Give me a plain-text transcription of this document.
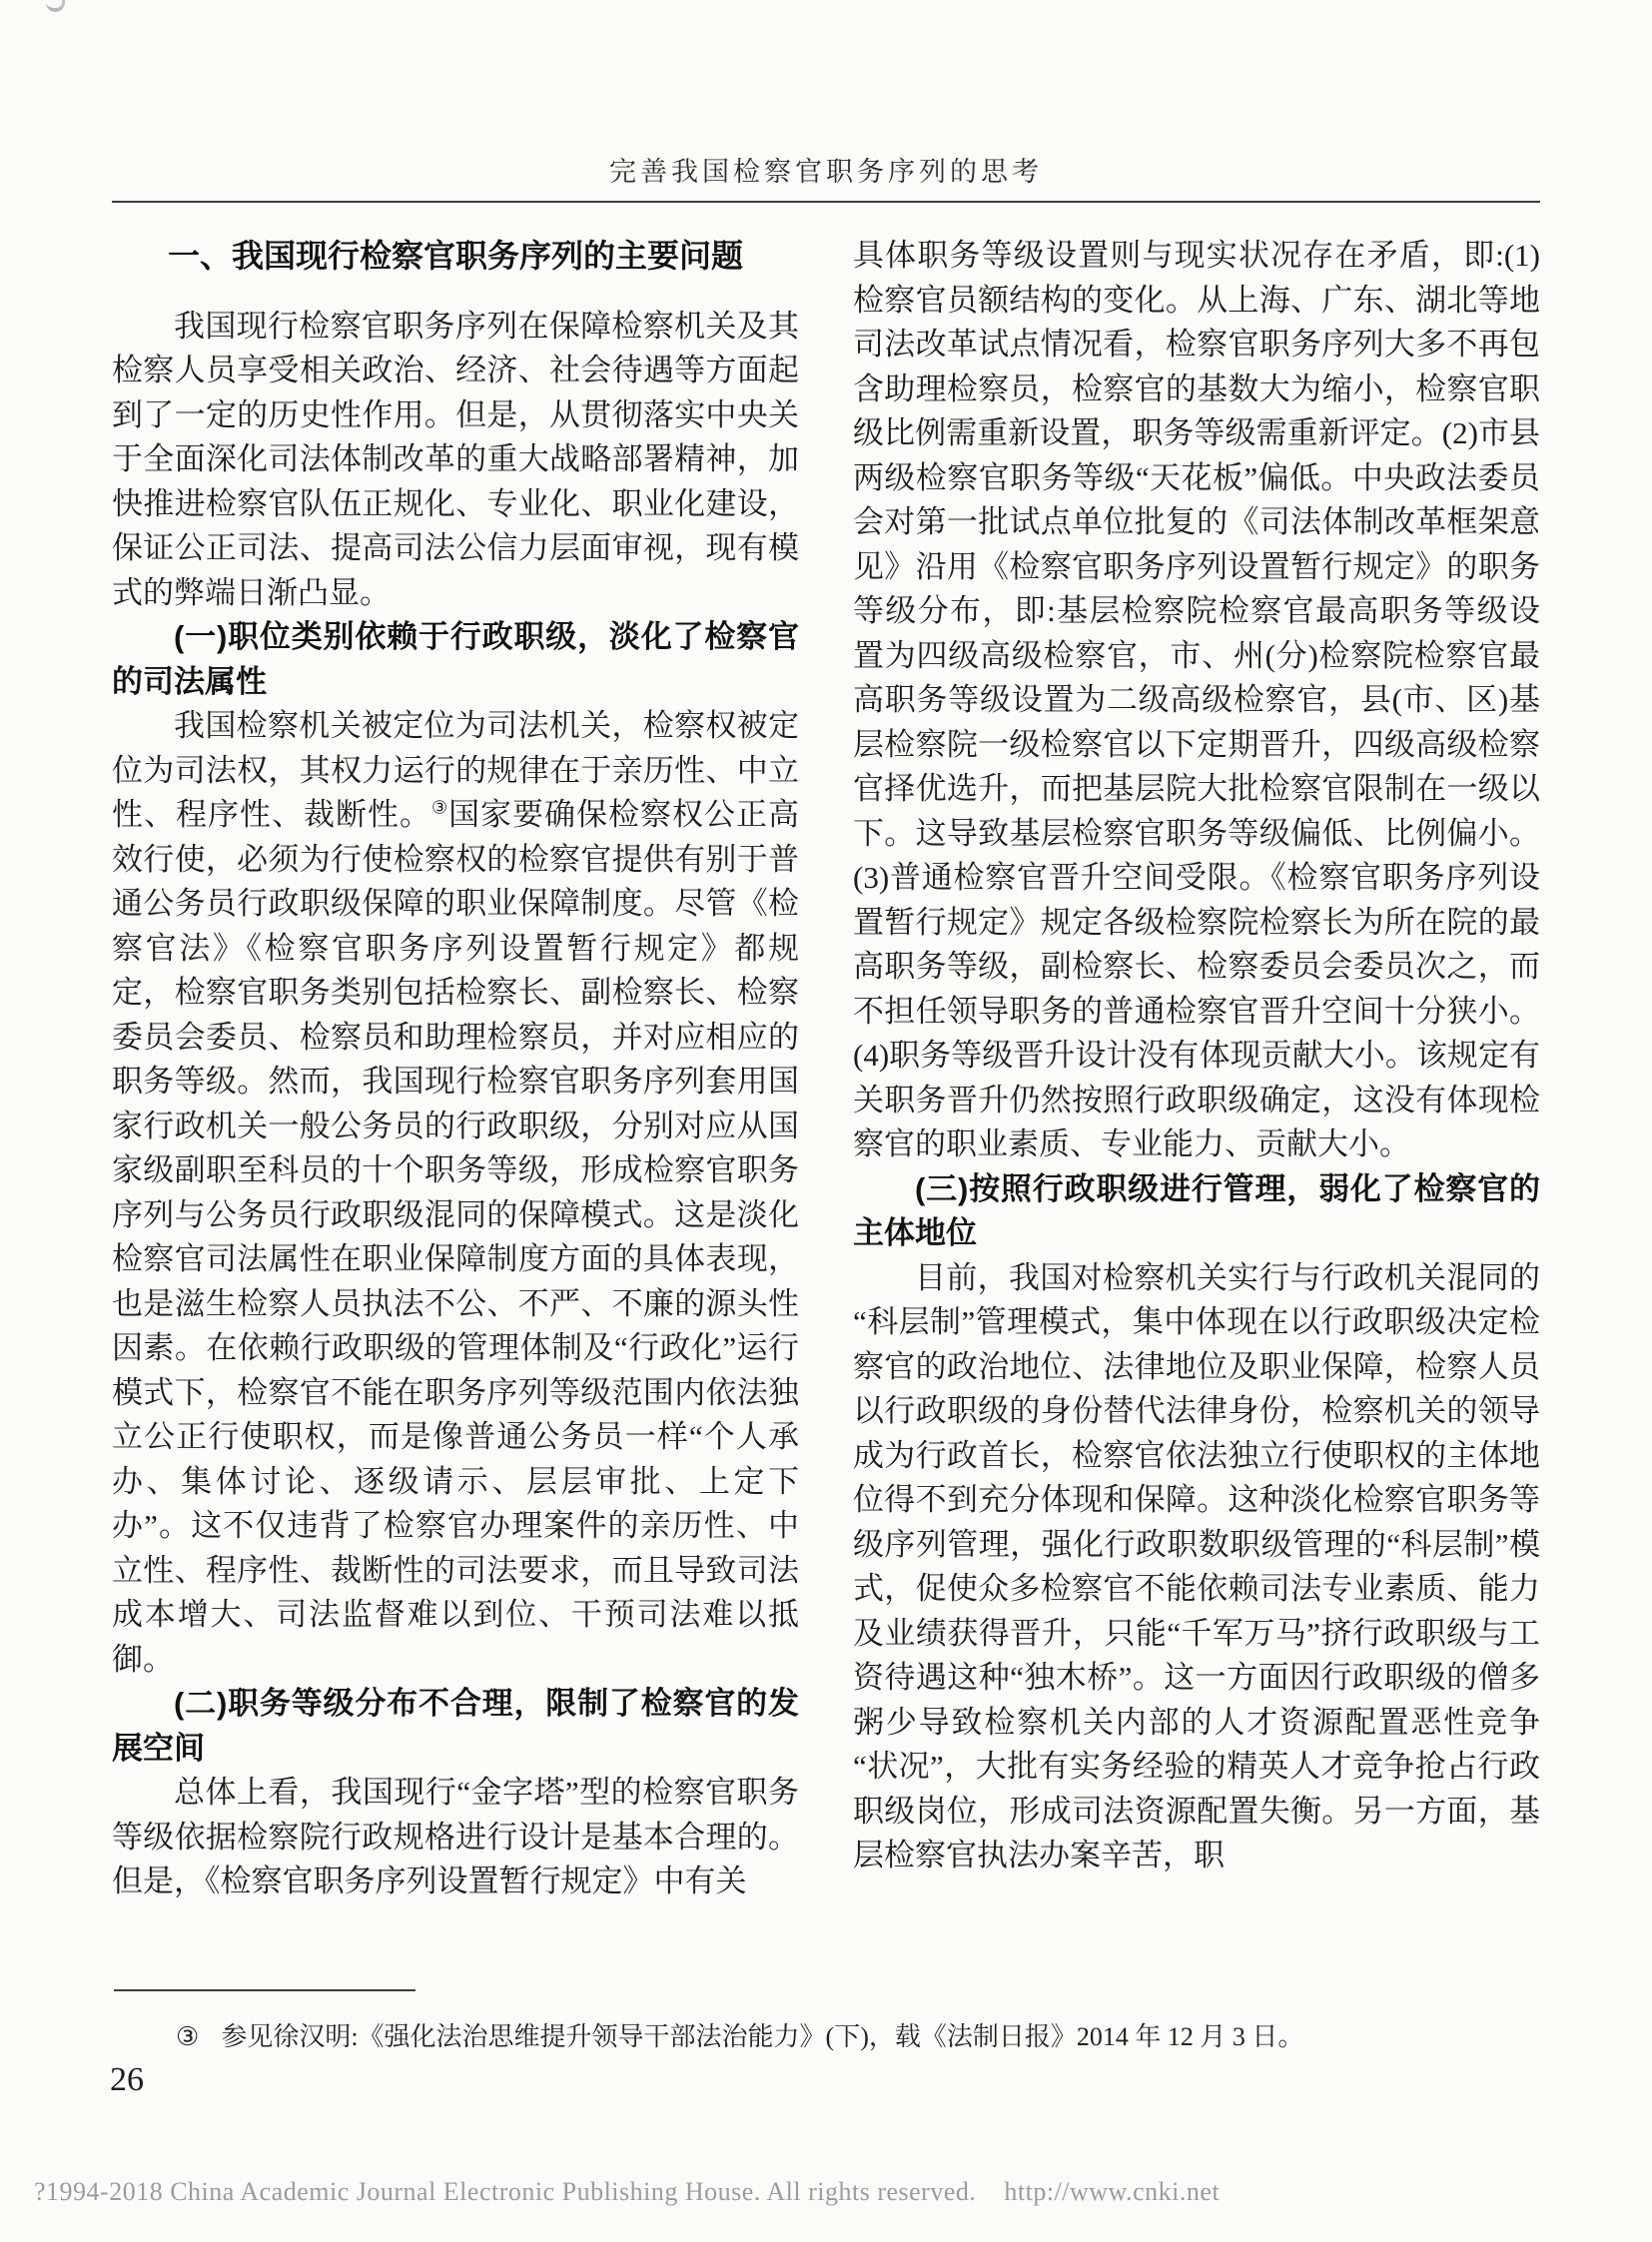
完善我国检察官职务序列的思考
一、我国现行检察官职务序列的主要问题

我国现行检察官职务序列在保障检察机关及其检察人员享受相关政治、经济、社会待遇等方面起到了一定的历史性作用。但是，从贯彻落实中央关于全面深化司法体制改革的重大战略部署精神，加快推进检察官队伍正规化、专业化、职业化建设，保证公正司法、提高司法公信力层面审视，现有模式的弊端日渐凸显。

(一)职位类别依赖于行政职级，淡化了检察官的司法属性

我国检察机关被定位为司法机关，检察权被定位为司法权，其权力运行的规律在于亲历性、中立性、程序性、裁断性。③国家要确保检察权公正高效行使，必须为行使检察权的检察官提供有别于普通公务员行政职级保障的职业保障制度。尽管《检察官法》《检察官职务序列设置暂行规定》都规定，检察官职务类别包括检察长、副检察长、检察委员会委员、检察员和助理检察员，并对应相应的职务等级。然而，我国现行检察官职务序列套用国家行政机关一般公务员的行政职级，分别对应从国家级副职至科员的十个职务等级，形成检察官职务序列与公务员行政职级混同的保障模式。这是淡化检察官司法属性在职业保障制度方面的具体表现，也是滋生检察人员执法不公、不严、不廉的源头性因素。在依赖行政职级的管理体制及“行政化”运行模式下，检察官不能在职务序列等级范围内依法独立公正行使职权，而是像普通公务员一样“个人承办、集体讨论、逐级请示、层层审批、上定下办”。这不仅违背了检察官办理案件的亲历性、中立性、程序性、裁断性的司法要求，而且导致司法成本增大、司法监督难以到位、干预司法难以抵御。

(二)职务等级分布不合理，限制了检察官的发展空间

总体上看，我国现行“金字塔”型的检察官职务等级依据检察院行政规格进行设计是基本合理的。但是，《检察官职务序列设置暂行规定》中有关

具体职务等级设置则与现实状况存在矛盾，即:(1)检察官员额结构的变化。从上海、广东、湖北等地司法改革试点情况看，检察官职务序列大多不再包含助理检察员，检察官的基数大为缩小，检察官职级比例需重新设置，职务等级需重新评定。(2)市县两级检察官职务等级“天花板”偏低。中央政法委员会对第一批试点单位批复的《司法体制改革框架意见》沿用《检察官职务序列设置暂行规定》的职务等级分布，即:基层检察院检察官最高职务等级设置为四级高级检察官，市、州(分)检察院检察官最高职务等级设置为二级高级检察官，县(市、区)基层检察院一级检察官以下定期晋升，四级高级检察官择优选升，而把基层院大批检察官限制在一级以下。这导致基层检察官职务等级偏低、比例偏小。(3)普通检察官晋升空间受限。《检察官职务序列设置暂行规定》规定各级检察院检察长为所在院的最高职务等级，副检察长、检察委员会委员次之，而不担任领导职务的普通检察官晋升空间十分狭小。(4)职务等级晋升设计没有体现贡献大小。该规定有关职务晋升仍然按照行政职级确定，这没有体现检察官的职业素质、专业能力、贡献大小。

(三)按照行政职级进行管理，弱化了检察官的主体地位

目前，我国对检察机关实行与行政机关混同的“科层制”管理模式，集中体现在以行政职级决定检察官的政治地位、法律地位及职业保障，检察人员以行政职级的身份替代法律身份，检察机关的领导成为行政首长，检察官依法独立行使职权的主体地位得不到充分体现和保障。这种淡化检察官职务等级序列管理，强化行政职数职级管理的“科层制”模式，促使众多检察官不能依赖司法专业素质、能力及业绩获得晋升，只能“千军万马”挤行政职级与工资待遇这种“独木桥”。这一方面因行政职级的僧多粥少导致检察机关内部的人才资源配置恶性竞争“状况”，大批有实务经验的精英人才竞争抢占行政职级岗位，形成司法资源配置失衡。另一方面，基层检察官执法办案辛苦，职

③ 参见徐汉明:《强化法治思维提升领导干部法治能力》(下)，载《法制日报》2014 年 12 月 3 日。
26
?1994-2018 China Academic Journal Electronic Publishing House. All rights reserved.    http://www.cnki.net
